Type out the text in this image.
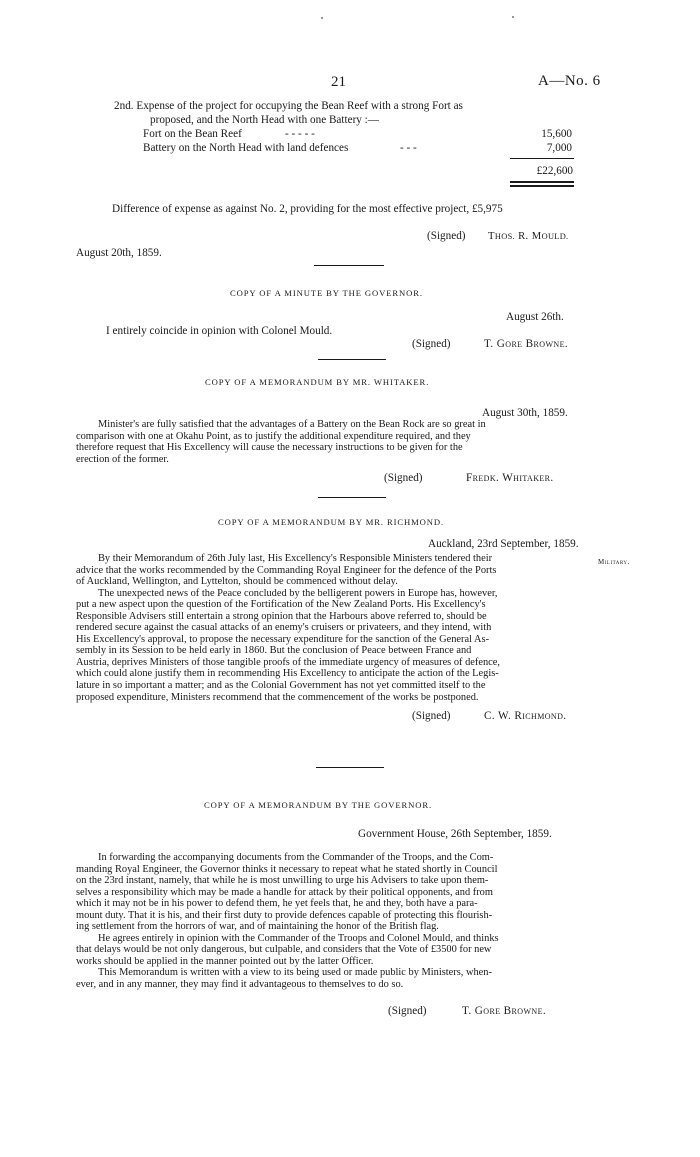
21	A—No. 6
2nd. Expense of the project for occupying the Bean Reef with a strong Fort as
proposed, and the North Head with one Battery :—
Fort on the Bean Reef	- - - - -	15,600
Battery on the North Head with land defences	- - -	7,000
£22,600
Difference of expense as against No. 2, providing for the most effective project, £5,975
(Signed) THOS. R. MOULD.
August 20th, 1859.
COPY OF A MINUTE BY THE GOVERNOR.
August 26th.
I entirely coincide in opinion with Colonel Mould.
(Signed)	T. Gore Browne.
COPY OF A MEMORANDUM BY MR. WHITAKER.
August 30th, 1859.
Minister's are fully satisfied that the advantages of a Battery on the Bean Rock are so great in
comparison with one at Okahu Point, as to justify the additional expenditure required, and they
therefore request that His Excellency will cause the necessary instructions to be given for the
erection of the former.
(Signed)	Fredk. Whitaker.
COPY OF A MEMORANDUM BY MR. RICHMOND.
Auckland, 23rd September, 1859.
Military.
By their Memorandum of 26th July last, His Excellency's Responsible Ministers tendered their
advice that the works recommended by the Commanding Royal Engineer for the defence of the Ports
of Auckland, Wellington, and Lyttelton, should be commenced without delay.
The unexpected news of the Peace concluded by the belligerent powers in Europe has, however,
put a new aspect upon the question of the Fortification of the New Zealand Ports. His Excellency's
Responsible Advisers still entertain a strong opinion that the Harbours above referred to, should be
rendered secure against the casual attacks of an enemy's cruisers or privateers, and they intend, with
His Excellency's approval, to propose the necessary expenditure for the sanction of the General As-
sembly in its Session to be held early in 1860. But the conclusion of Peace between France and
Austria, deprives Ministers of those tangible proofs of the immediate urgency of measures of defence,
which could alone justify them in recommending His Excellency to anticipate the action of the Legis-
lature in so important a matter; and as the Colonial Government has not yet committed itself to the
proposed expenditure, Ministers recommend that the commencement of the works be postponed.
(Signed)	C. W. Richmond.
COPY OF A MEMORANDUM BY THE GOVERNOR.
Government House, 26th September, 1859.
In forwarding the accompanying documents from the Commander of the Troops, and the Com-
manding Royal Engineer, the Governor thinks it necessary to repeat what he stated shortly in Council
on the 23rd instant, namely, that while he is most unwilling to urge his Advisers to take upon them-
selves a responsibility which may be made a handle for attack by their political opponents, and from
which it may not be in his power to defend them, he yet feels that, he and they, both have a para-
mount duty. That it is his, and their first duty to provide defences capable of protecting this flourish-
ing settlement from the horrors of war, and of maintaining the honor of the British flag.
He agrees entirely in opinion with the Commander of the Troops and Colonel Mould, and thinks
that delays would be not only dangerous, but culpable, and considers that the Vote of £3500 for new
works should be applied in the manner pointed out by the latter Officer.
This Memorandum is written with a view to its being used or made public by Ministers, when-
ever, and in any manner, they may find it advantageous to themselves to do so.
(Signed)	T. Gore Browne.
